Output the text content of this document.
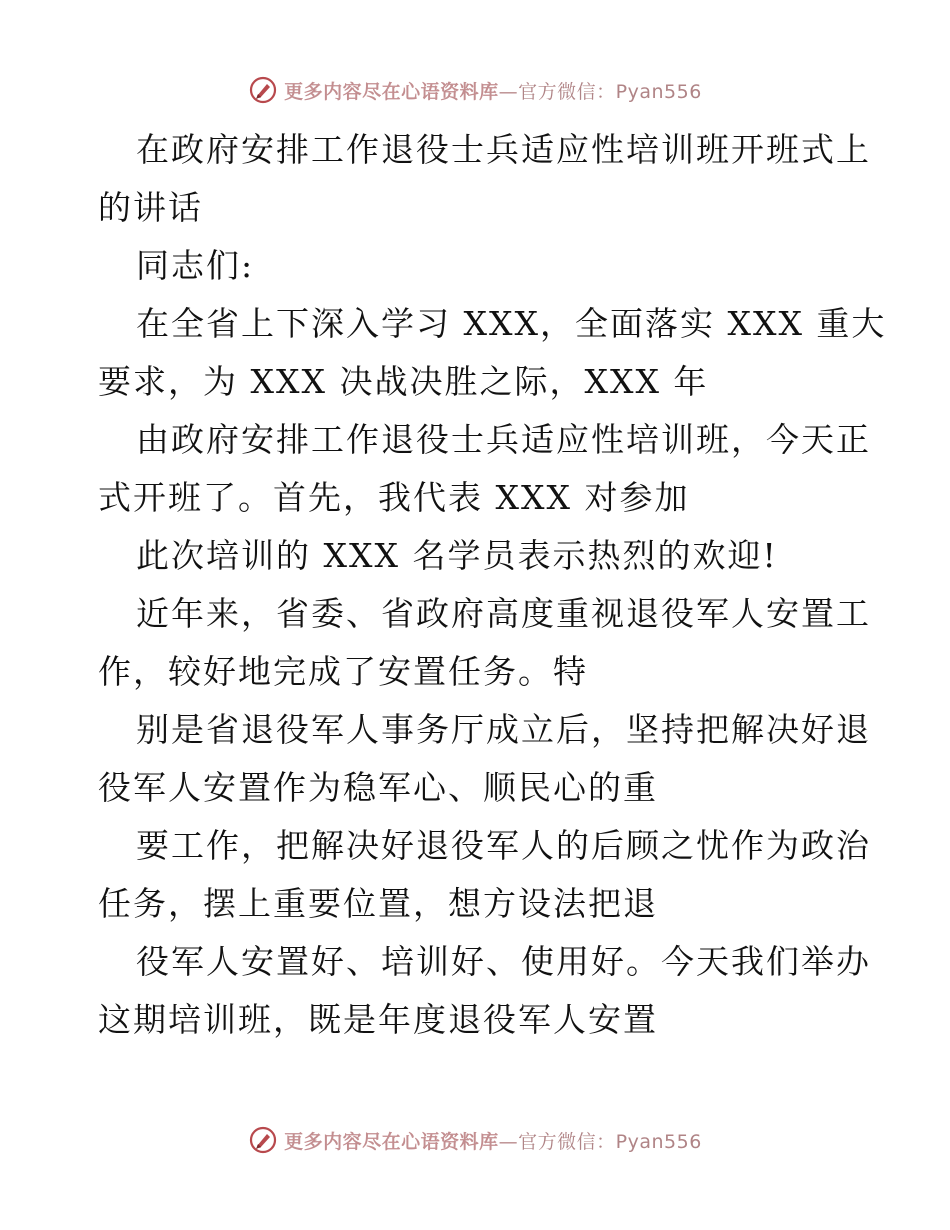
更多内容尽在心语资料库—官方微信：Pyan556
在政府安排工作退役士兵适应性培训班开班式上
的讲话
同志们:
在全省上下深入学习 XXX，全面落实 XXX 重大
要求，为 XXX 决战决胜之际，XXX 年
由政府安排工作退役士兵适应性培训班，今天正
式开班了。首先，我代表 XXX 对参加
此次培训的 XXX 名学员表示热烈的欢迎!
近年来，省委、省政府高度重视退役军人安置工
作，较好地完成了安置任务。特
别是省退役军人事务厅成立后，坚持把解决好退
役军人安置作为稳军心、顺民心的重
要工作，把解决好退役军人的后顾之忧作为政治
任务，摆上重要位置，想方设法把退
役军人安置好、培训好、使用好。今天我们举办
这期培训班，既是年度退役军人安置
更多内容尽在心语资料库—官方微信：Pyan556
